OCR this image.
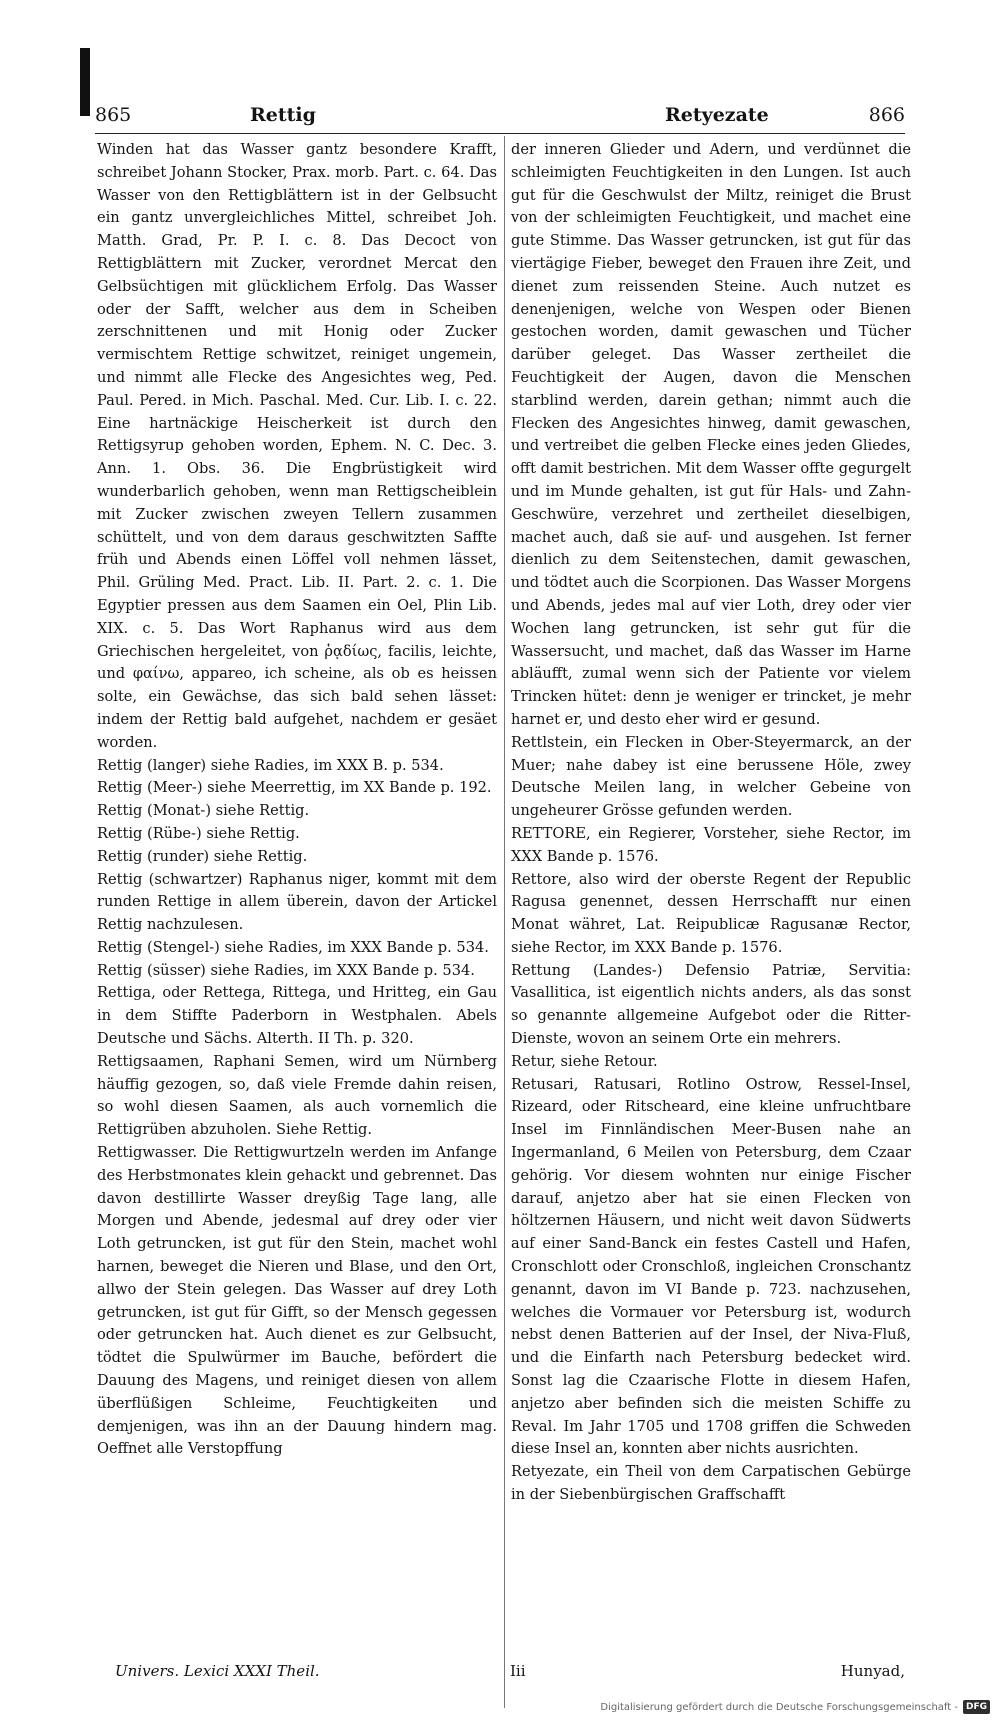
865	Rettig	Retyezate	866

Winden hat das Wasser gantz besondere Krafft, schreibet Johann Stocker, Prax. morb. Part. c. 64. Das Wasser von den Rettigblättern ist in der Gelbsucht ein gantz unvergleichliches Mittel, schreibet Joh. Matth. Grad, Pr. P. I. c. 8. Das Decoct von Rettigblättern mit Zucker, verordnet Mercat den Gelbsüchtigen mit glücklichem Erfolg. Das Wasser oder der Safft, welcher aus dem in Scheiben zerschnittenen und mit Honig oder Zucker vermischtem Rettige schwitzet, reiniget ungemein, und nimmt alle Flecke des Angesichtes weg, Ped. Paul. Pered. in Mich. Paschal. Med. Cur. Lib. I. c. 22. Eine hartnäckige Heischerkeit ist durch den Rettigsyrup gehoben worden, Ephem. N. C. Dec. 3. Ann. 1. Obs. 36. Die Engbrüstigkeit wird wunderbarlich gehoben, wenn man Rettigscheiblein mit Zucker zwischen zweyen Tellern zusammen schüttelt, und von dem daraus geschwitzten Saffte früh und Abends einen Löffel voll nehmen lässet, Phil. Grüling Med. Pract. Lib. II. Part. 2. c. 1. Die Egyptier pressen aus dem Saamen ein Oel, Plin Lib. XIX. c. 5. Das Wort Raphanus wird aus dem Griechischen hergeleitet, von ῥᾳδίως, facilis, leichte, und φαίνω, appareo, ich scheine, als ob es heissen solte, ein Gewächse, das sich bald sehen lässet: indem der Rettig bald aufgehet, nachdem er gesäet worden.

Rettig (langer) siehe Radies, im XXX B. p. 534.

Rettig (Meer-) siehe Meerrettig, im XX Bande p. 192.

Rettig (Monat-) siehe Rettig.

Rettig (Rübe-) siehe Rettig.

Rettig (runder) siehe Rettig.

Rettig (schwartzer) Raphanus niger, kommt mit dem runden Rettige in allem überein, davon der Artickel Rettig nachzulesen.

Rettig (Stengel-) siehe Radies, im XXX Bande p. 534.

Rettig (süsser) siehe Radies, im XXX Bande p. 534.

Rettiga, oder Rettega, Rittega, und Hritteg, ein Gau in dem Stiffte Paderborn in Westphalen. Abels Deutsche und Sächs. Alterth. II Th. p. 320.

Rettigsaamen, Raphani Semen, wird um Nürnberg häuffig gezogen, so, daß viele Fremde dahin reisen, so wohl diesen Saamen, als auch vornemlich die Rettigrüben abzuholen. Siehe Rettig.

Rettigwasser. Die Rettigwurtzeln werden im Anfange des Herbstmonates klein gehackt und gebrennet. Das davon destillirte Wasser dreyßig Tage lang, alle Morgen und Abende, jedesmal auf drey oder vier Loth getruncken, ist gut für den Stein, machet wohl harnen, beweget die Nieren und Blase, und den Ort, allwo der Stein gelegen. Das Wasser auf drey Loth getruncken, ist gut für Gifft, so der Mensch gegessen oder getruncken hat. Auch dienet es zur Gelbsucht, tödtet die Spulwürmer im Bauche, befördert die Dauung des Magens, und reiniget diesen von allem überflüßigen Schleime, Feuchtigkeiten und demjenigen, was ihn an der Dauung hindern mag. Oeffnet alle Verstopffung

der inneren Glieder und Adern, und verdünnet die schleimigten Feuchtigkeiten in den Lungen. Ist auch gut für die Geschwulst der Miltz, reiniget die Brust von der schleimigten Feuchtigkeit, und machet eine gute Stimme. Das Wasser getruncken, ist gut für das viertägige Fieber, beweget den Frauen ihre Zeit, und dienet zum reissenden Steine. Auch nutzet es denenjenigen, welche von Wespen oder Bienen gestochen worden, damit gewaschen und Tücher darüber geleget. Das Wasser zertheilet die Feuchtigkeit der Augen, davon die Menschen starblind werden, darein gethan; nimmt auch die Flecken des Angesichtes hinweg, damit gewaschen, und vertreibet die gelben Flecke eines jeden Gliedes, offt damit bestrichen. Mit dem Wasser offte gegurgelt und im Munde gehalten, ist gut für Hals- und Zahn-Geschwüre, verzehret und zertheilet dieselbigen, machet auch, daß sie auf- und ausgehen. Ist ferner dienlich zu dem Seitenstechen, damit gewaschen, und tödtet auch die Scorpionen. Das Wasser Morgens und Abends, jedes mal auf vier Loth, drey oder vier Wochen lang getruncken, ist sehr gut für die Wassersucht, und machet, daß das Wasser im Harne abläufft, zumal wenn sich der Patiente vor vielem Trincken hütet: denn je weniger er trincket, je mehr harnet er, und desto eher wird er gesund.

Rettlstein, ein Flecken in Ober-Steyermarck, an der Muer; nahe dabey ist eine berussene Höle, zwey Deutsche Meilen lang, in welcher Gebeine von ungeheurer Grösse gefunden werden.

RETTORE, ein Regierer, Vorsteher, siehe Rector, im XXX Bande p. 1576.

Rettore, also wird der oberste Regent der Republic Ragusa genennet, dessen Herrschafft nur einen Monat währet, Lat. Reipublicæ Ragusanæ Rector, siehe Rector, im XXX Bande p. 1576.

Rettung (Landes-) Defensio Patriæ, Servitia: Vasallitica, ist eigentlich nichts anders, als das sonst so genannte allgemeine Aufgebot oder die Ritter-Dienste, wovon an seinem Orte ein mehrers.

Retur, siehe Retour.

Retusari, Ratusari, Rotlino Ostrow, Ressel-Insel, Rizeard, oder Ritscheard, eine kleine unfruchtbare Insel im Finnländischen Meer-Busen nahe an Ingermanland, 6 Meilen von Petersburg, dem Czaar gehörig. Vor diesem wohnten nur einige Fischer darauf, anjetzo aber hat sie einen Flecken von höltzernen Häusern, und nicht weit davon Südwerts auf einer Sand-Banck ein festes Castell und Hafen, Cronschlott oder Cronschloß, ingleichen Cronschantz genannt, davon im VI Bande p. 723. nachzusehen, welches die Vormauer vor Petersburg ist, wodurch nebst denen Batterien auf der Insel, der Niva-Fluß, und die Einfarth nach Petersburg bedecket wird. Sonst lag die Czaarische Flotte in diesem Hafen, anjetzo aber befinden sich die meisten Schiffe zu Reval. Im Jahr 1705 und 1708 griffen die Schweden diese Insel an, konnten aber nichts ausrichten.

Retyezate, ein Theil von dem Carpatischen Gebürge in der Siebenbürgischen Graffschafft

Univers. Lexici XXXI Theil.	Iii	Hunyad,
Digitalisierung gefördert durch die Deutsche Forschungsgemeinschaft - DFG
